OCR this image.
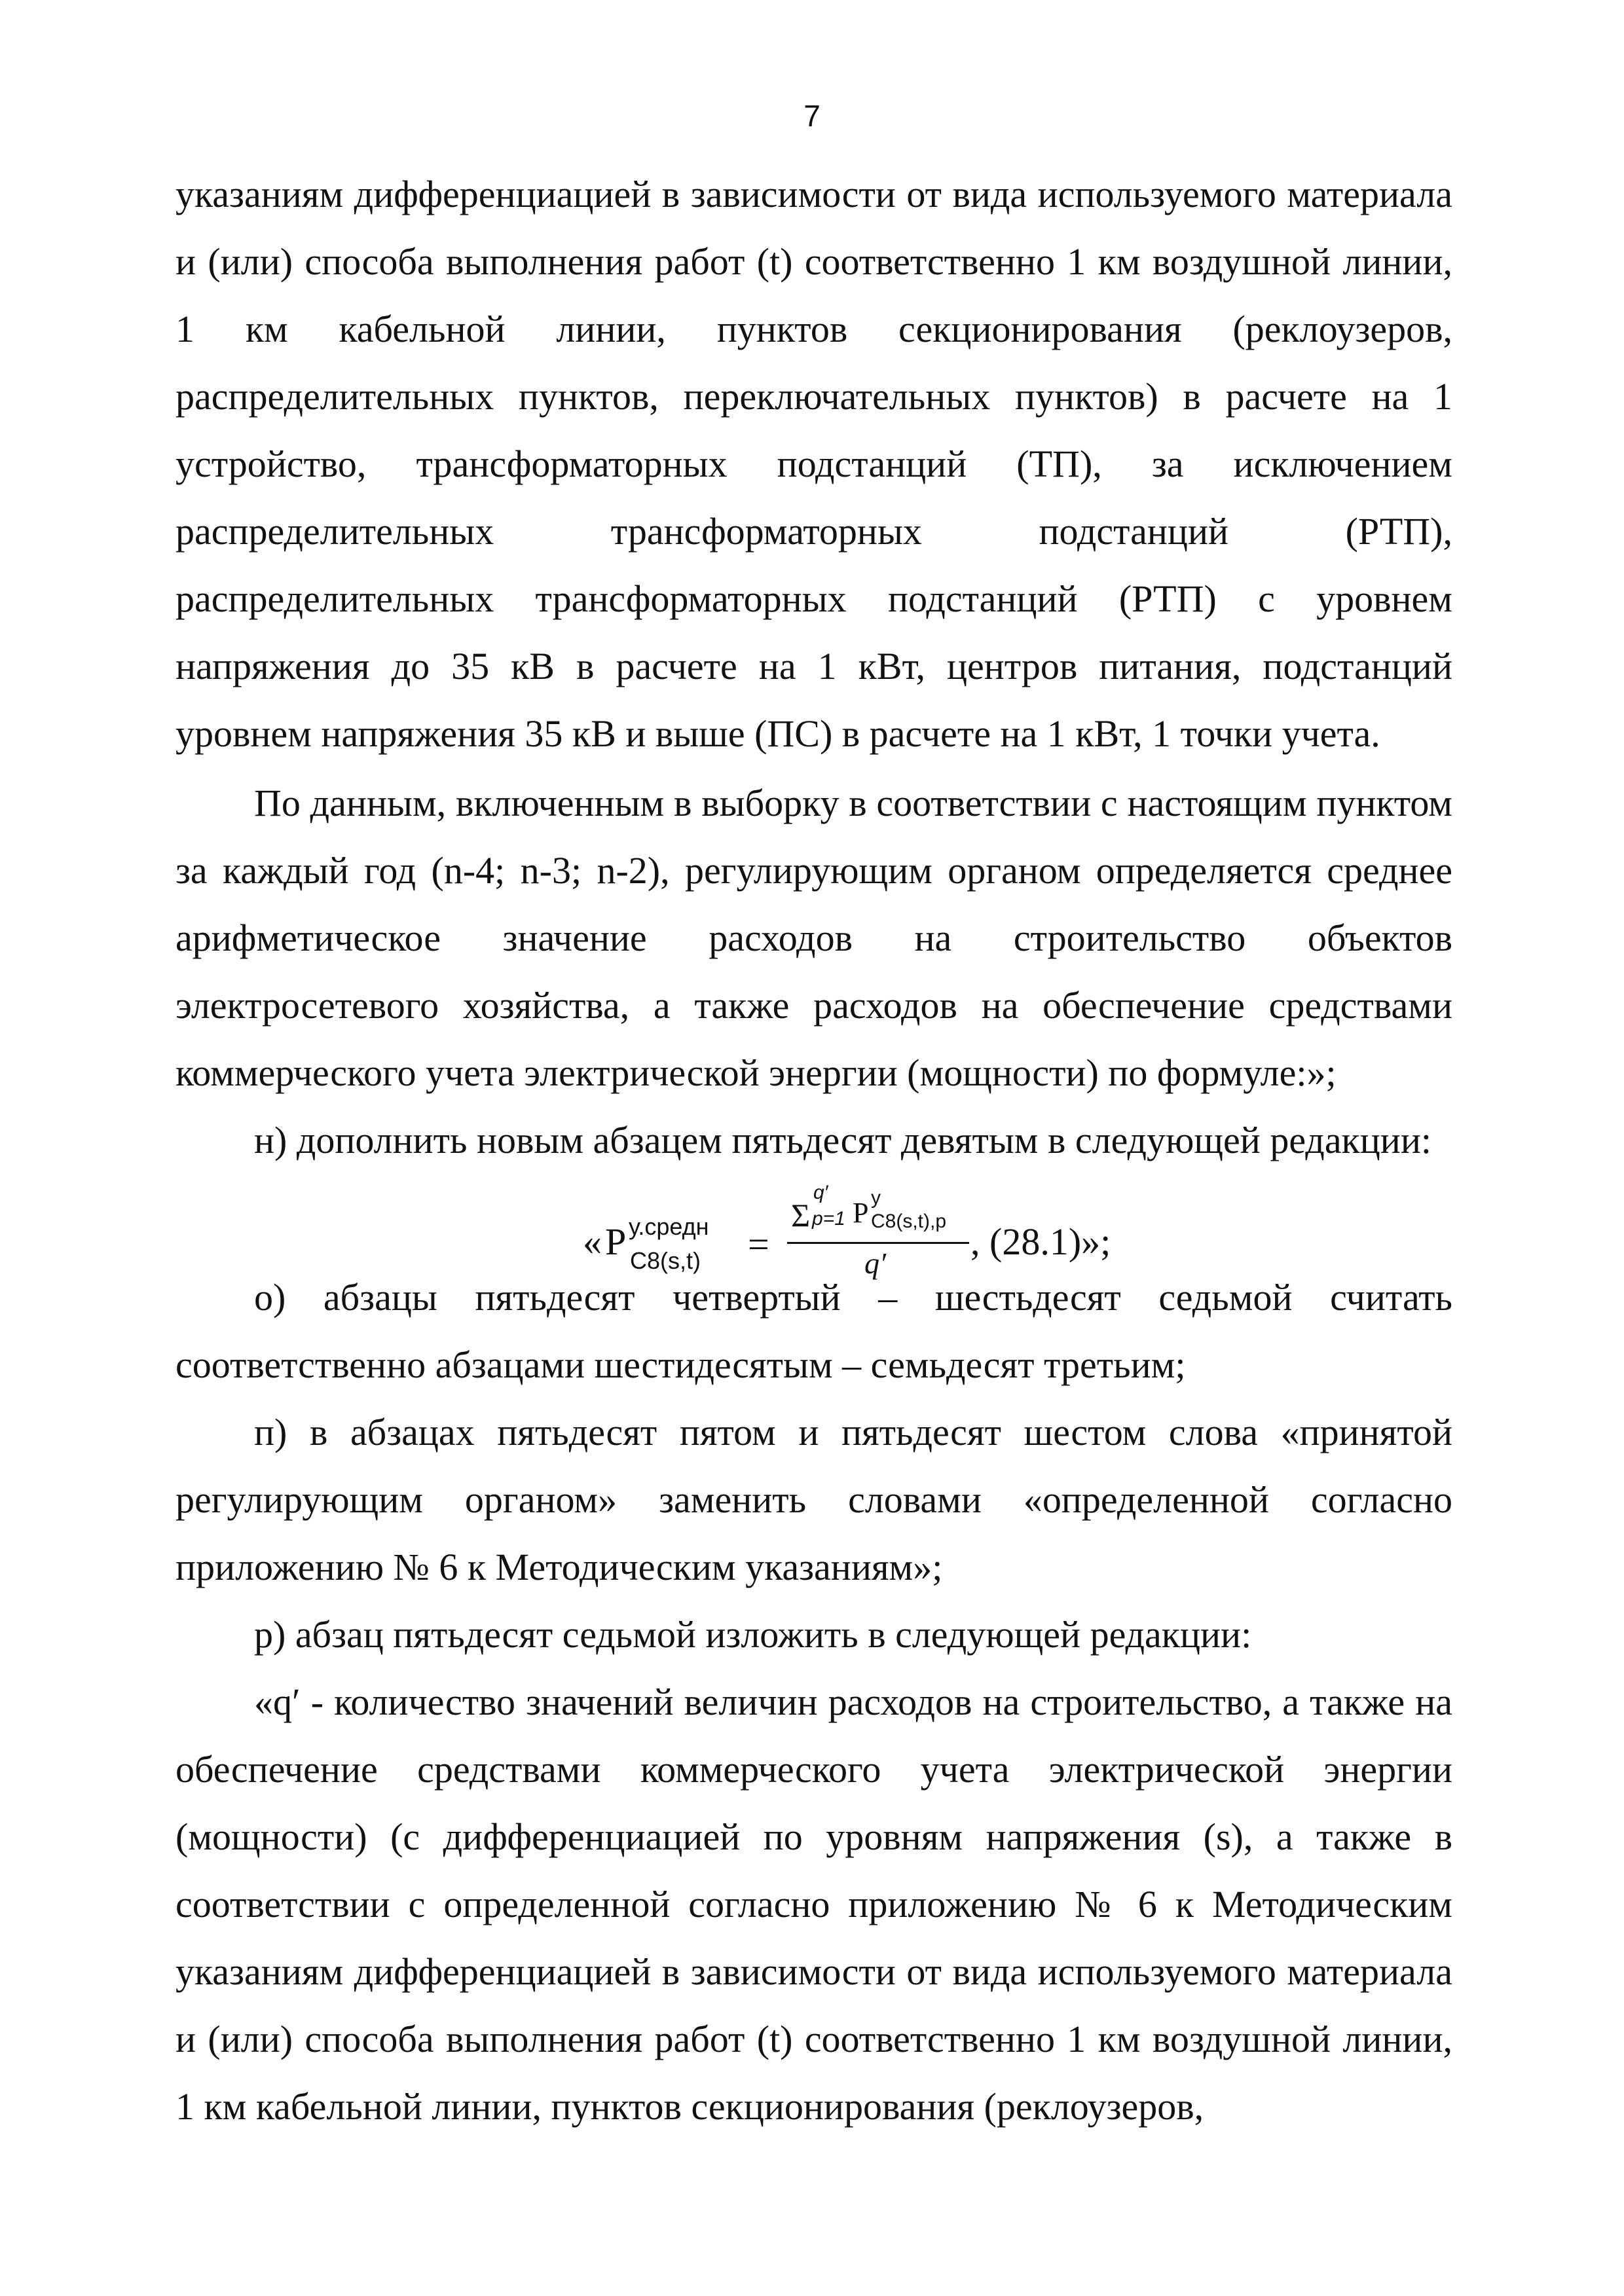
7

указаниям дифференциацией в зависимости от вида используемого материала и (или) способа выполнения работ (t) соответственно 1 км воздушной линии, 1 км кабельной линии, пунктов секционирования (реклоузеров, распределительных пунктов, переключательных пунктов) в расчете на 1 устройство, трансформаторных подстанций (ТП), за исключением распределительных трансформаторных подстанций (РТП), распределительных трансформаторных подстанций (РТП) с уровнем напряжения до 35 кВ в расчете на 1 кВт, центров питания, подстанций уровнем напряжения 35 кВ и выше (ПС) в расчете на 1 кВт, 1 точки учета.

По данным, включенным в выборку в соответствии с настоящим пунктом за каждый год (n-4; n-3; n-2), регулирующим органом определяется среднее арифметическое значение расходов на строительство объектов электросетевого хозяйства, а также расходов на обеспечение средствами коммерческого учета электрической энергии (мощности) по формуле:»;

н) дополнить новым абзацем пятьдесят девятым в следующей редакции:

« P у.средн
C8(s,t) =
Σ
q′
p=1 P у
C8(s,t),p
q′
, (28.1)»;

о) абзацы пятьдесят четвертый – шестьдесят седьмой считать соответственно абзацами шестидесятым – семьдесят третьим;

п) в абзацах пятьдесят пятом и пятьдесят шестом слова «принятой регулирующим органом» заменить словами «определенной согласно приложению № 6 к Методическим указаниям»;

р) абзац пятьдесят седьмой изложить в следующей редакции:

«q′ - количество значений величин расходов на строительство, а также на обеспечение средствами коммерческого учета электрической энергии (мощности) (с дифференциацией по уровням напряжения (s), а также в соответствии с определенной согласно приложению № 6 к Методическим указаниям дифференциацией в зависимости от вида используемого материала и (или) способа выполнения работ (t) соответственно 1 км воздушной линии, 1 км кабельной линии, пунктов секционирования (реклоузеров,
